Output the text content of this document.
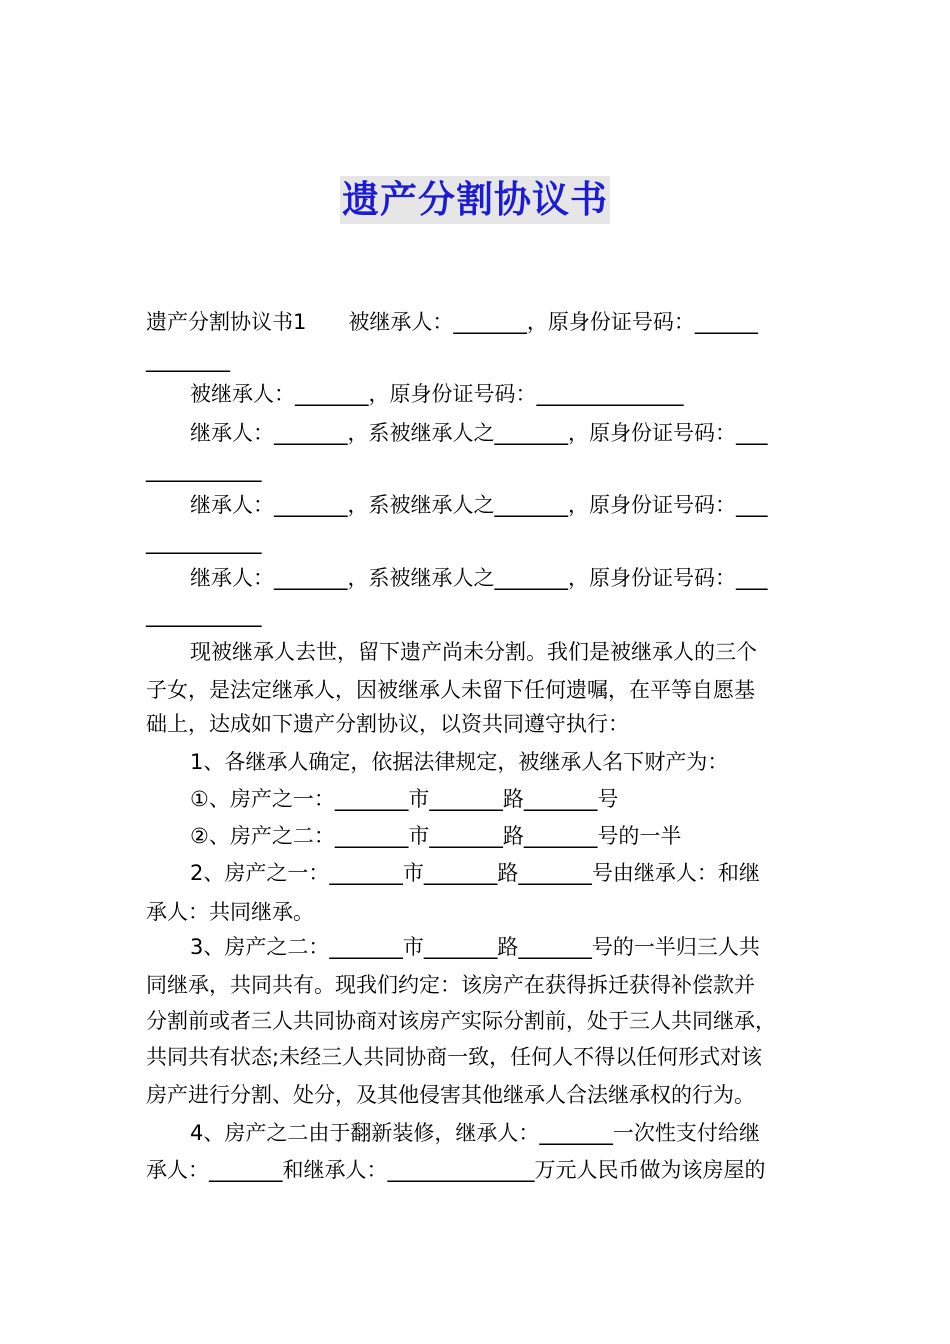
遗产分割协议书
遗产分割协议书1　　被继承人：_______，原身份证号码：______
________
被继承人：_______，原身份证号码：______________
继承人：_______，系被继承人之_______，原身份证号码：___
___________
继承人：_______，系被继承人之_______，原身份证号码：___
___________
继承人：_______，系被继承人之_______，原身份证号码：___
___________
现被继承人去世，留下遗产尚未分割。我们是被继承人的三个
子女，是法定继承人，因被继承人未留下任何遗嘱，在平等自愿基
础上，达成如下遗产分割协议，以资共同遵守执行：
1、各继承人确定，依据法律规定，被继承人名下财产为：
①、房产之一：_______市_______路_______号
②、房产之二：_______市_______路_______号的一半
2、房产之一：_______市_______路_______号由继承人：和继
承人：共同继承。
3、房产之二：_______市_______路_______号的一半归三人共
同继承，共同共有。现我们约定：该房产在获得拆迁获得补偿款并
分割前或者三人共同协商对该房产实际分割前，处于三人共同继承，
共同共有状态;未经三人共同协商一致，任何人不得以任何形式对该
房产进行分割、处分，及其他侵害其他继承人合法继承权的行为。
4、房产之二由于翻新装修，继承人：_______一次性支付给继
承人：_______和继承人：______________万元人民币做为该房屋的
